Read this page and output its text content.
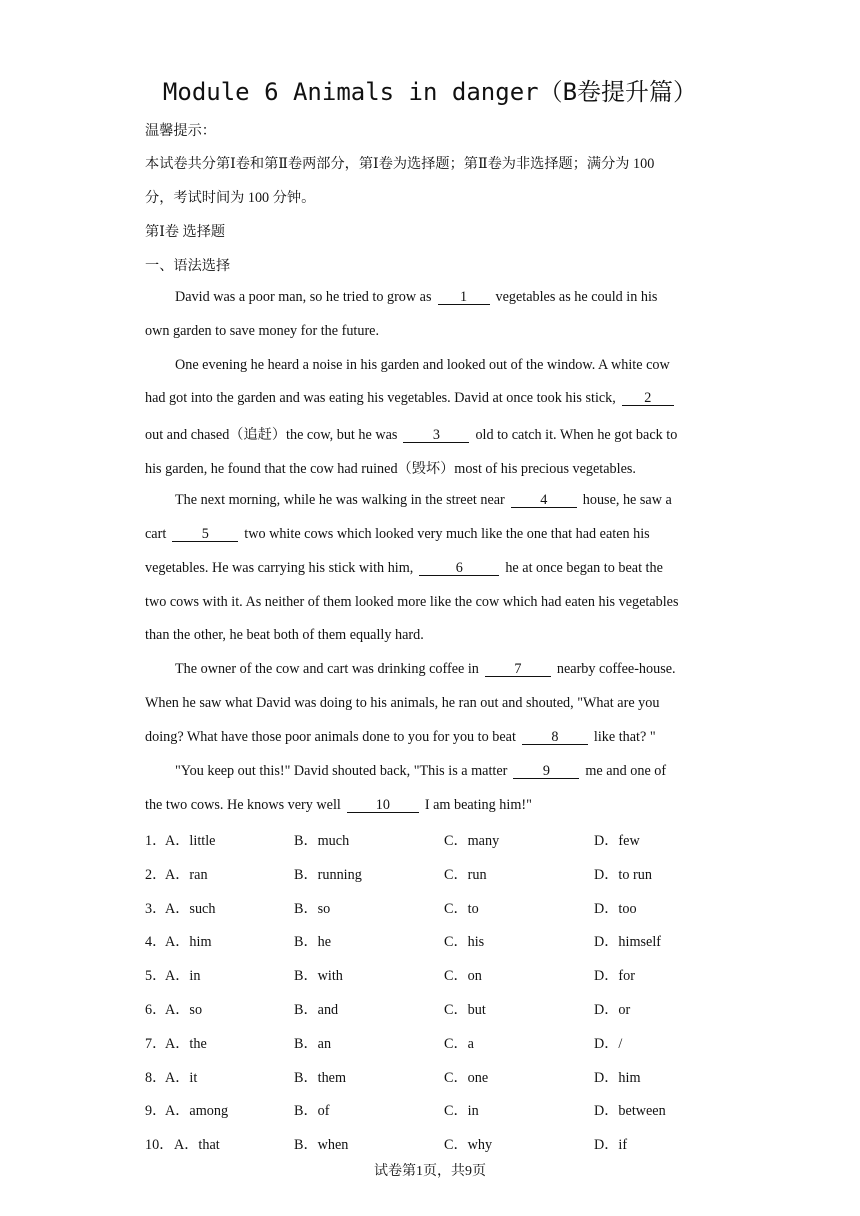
Module 6 Animals in danger（B卷提升篇）
温馨提示：
本试卷共分第Ⅰ卷和第Ⅱ卷两部分，第Ⅰ卷为选择题；第Ⅱ卷为非选择题；满分为 100
分，考试时间为 100 分钟。
第Ⅰ卷 选择题
一、语法选择
David was a poor man, so he tried to grow as 1 vegetables as he could in his
own garden to save money for the future.
One evening he heard a noise in his garden and looked out of the window. A white cow
had got into the garden and was eating his vegetables. David at once took his stick, 2
out and chased（追赶）the cow, but he was 3 old to catch it. When he got back to
his garden, he found that the cow had ruined（毁坏）most of his precious vegetables.
The next morning, while he was walking in the street near 4 house, he saw a
cart 5 two white cows which looked very much like the one that had eaten his
vegetables. He was carrying his stick with him,	6	he at once began to beat the
two cows with it. As neither of them looked more like the cow which had eaten his vegetables
than the other, he beat both of them equally hard.
The owner of the cow and cart was drinking coffee in 7 nearby coffee-house.
When he saw what David was doing to his animals, he ran out and shouted, "What are you
doing? What have those poor animals done to you for you to beat 8 like that? "
"You keep out this!" David shouted back, "This is a matter 9 me and one of
the two cows. He knows very well 10 I am beating him!"
1．
A．little	B．much	C．many	D．few
2．
A．ran	B．running	C．run	D．to run
3．
A．such	B．so	C．to	D．too
4．
A．him	B．he	C．his	D．himself
5．
A．in	B．with	C．on	D．for
6．
A．so	B．and	C．but	D．or
7．
A．the	B．an	C．a	D．/
8．
A．it	B．them	C．one	D．him
9．
A．among	B．of	C．in	D．between
10． A．that	B．when	C．why	D．if
试卷第1页，共9页
